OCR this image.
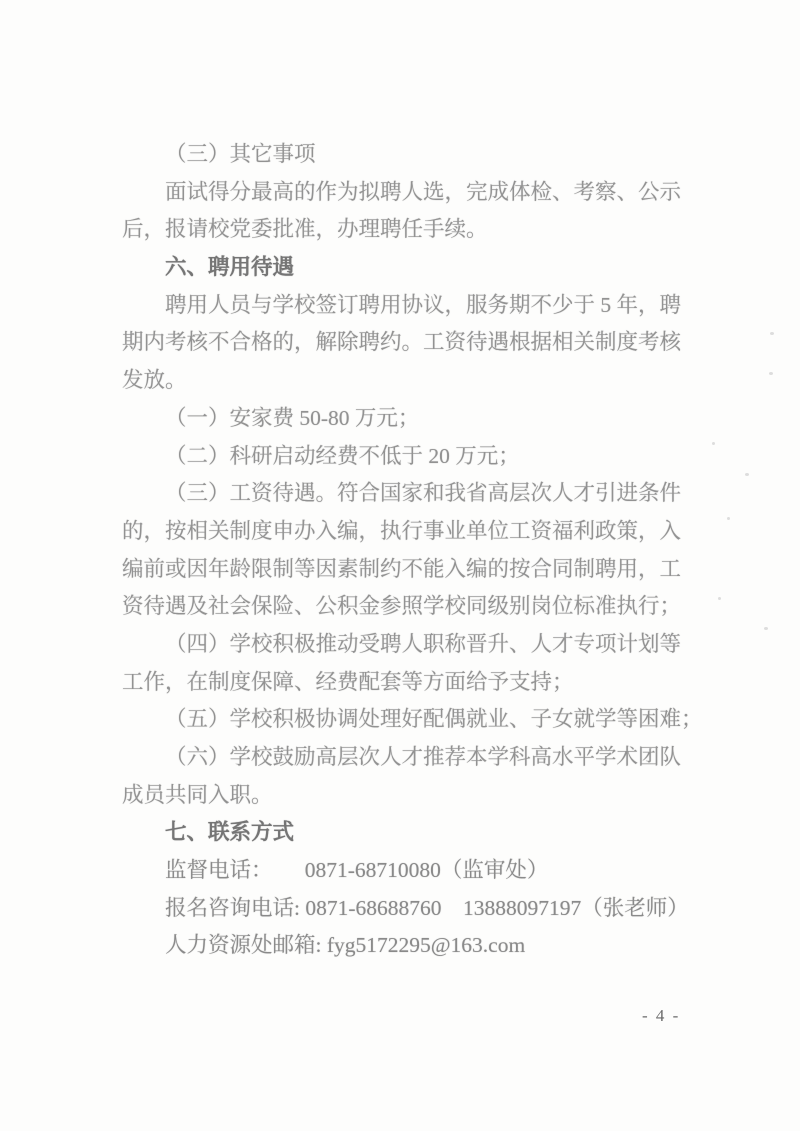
（三）其它事项
面试得分最高的作为拟聘人选，完成体检、考察、公示
后，报请校党委批准，办理聘任手续。
六、聘用待遇
聘用人员与学校签订聘用协议，服务期不少于 5 年，聘
期内考核不合格的，解除聘约。工资待遇根据相关制度考核
发放。
（一）安家费 50-80 万元；
（二）科研启动经费不低于 20 万元；
（三）工资待遇。符合国家和我省高层次人才引进条件
的，按相关制度申办入编，执行事业单位工资福利政策，入
编前或因年龄限制等因素制约不能入编的按合同制聘用，工
资待遇及社会保险、公积金参照学校同级别岗位标准执行；
（四）学校积极推动受聘人职称晋升、人才专项计划等
工作，在制度保障、经费配套等方面给予支持；
（五）学校积极协调处理好配偶就业、子女就学等困难；
（六）学校鼓励高层次人才推荐本学科高水平学术团队
成员共同入职。
七、联系方式
监督电话：　　0871-68710080（监审处）
报名咨询电话: 0871-68688760　13888097197（张老师）
人力资源处邮箱: fyg5172295@163.com
- 4 -
